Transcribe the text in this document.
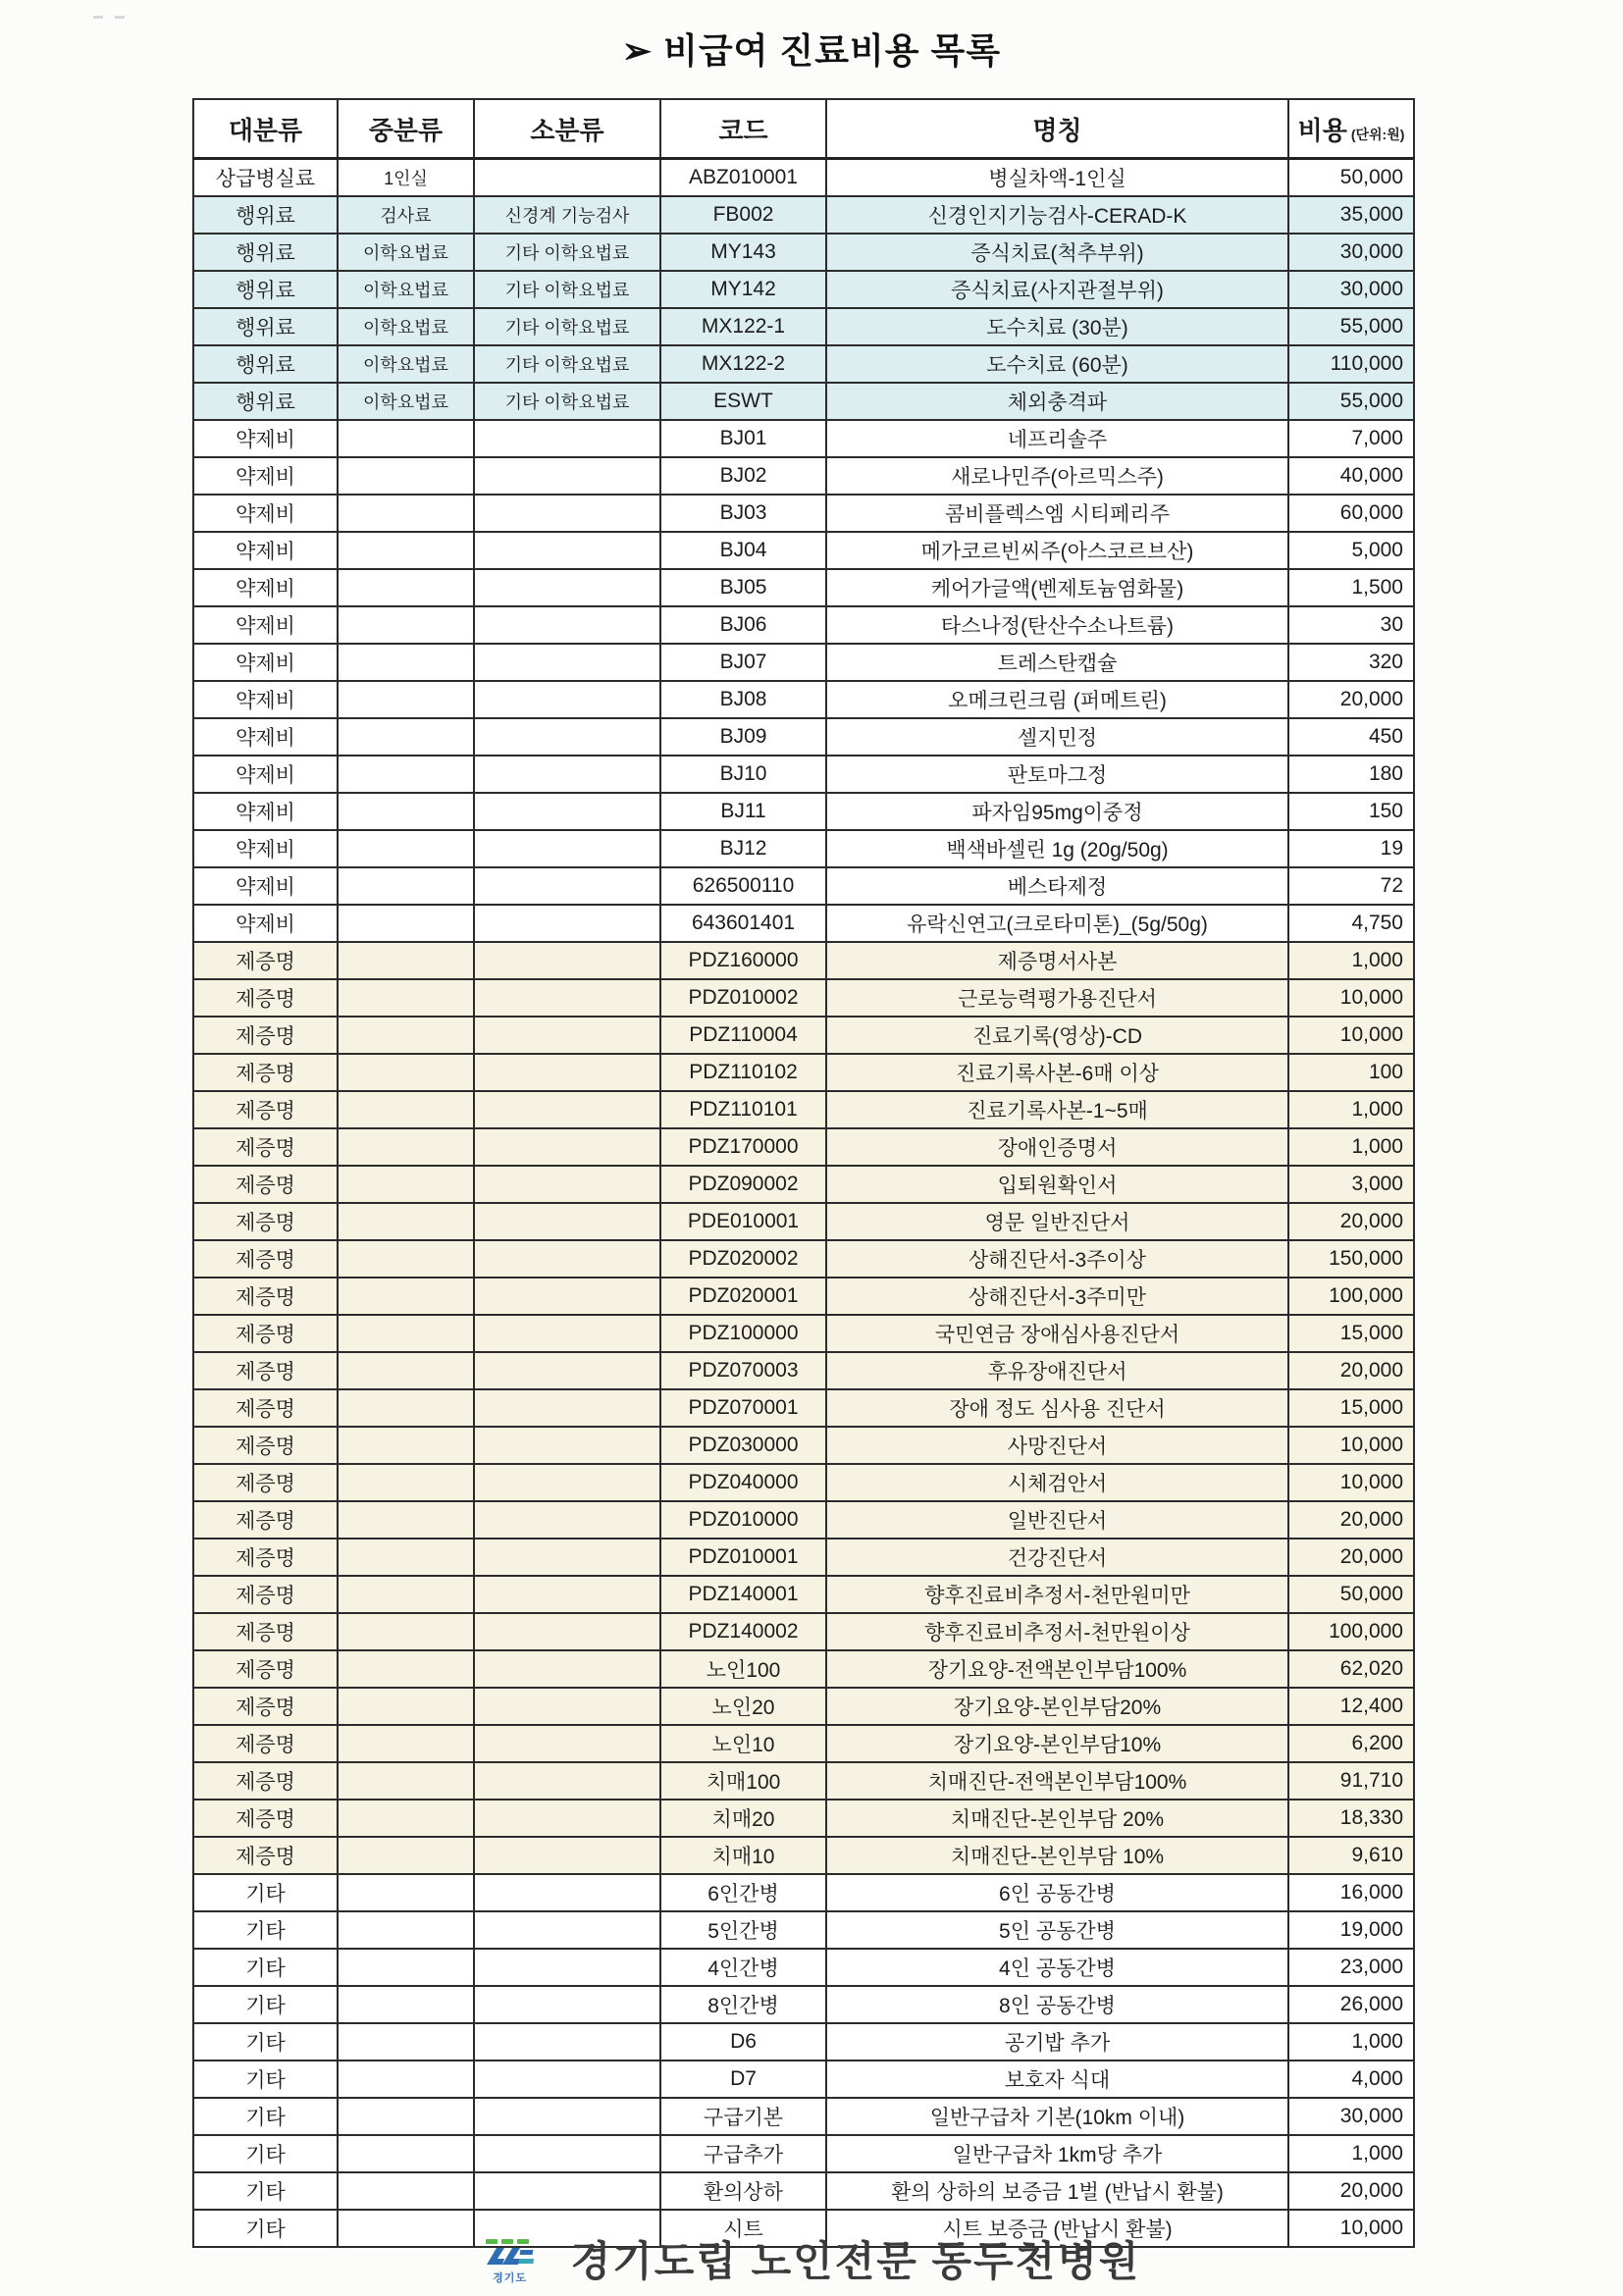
➢ 비급여 진료비용 목록
대분류	중분류	소분류	코드	명칭	비용 (단위:원)
상급병실료	1인실		ABZ010001	병실차액-1인실	50,000
행위료	검사료	신경계 기능검사	FB002	신경인지기능검사-CERAD-K	35,000
행위료	이학요법료	기타 이학요법료	MY143	증식치료(척추부위)	30,000
행위료	이학요법료	기타 이학요법료	MY142	증식치료(사지관절부위)	30,000
행위료	이학요법료	기타 이학요법료	MX122-1	도수치료 (30분)	55,000
행위료	이학요법료	기타 이학요법료	MX122-2	도수치료 (60분)	110,000
행위료	이학요법료	기타 이학요법료	ESWT	체외충격파	55,000
약제비			BJ01	네프리솔주	7,000
약제비			BJ02	새로나민주(아르믹스주)	40,000
약제비			BJ03	콤비플렉스엠 시티페리주	60,000
약제비			BJ04	메가코르빈씨주(아스코르브산)	5,000
약제비			BJ05	케어가글액(벤제토늄염화물)	1,500
약제비			BJ06	타스나정(탄산수소나트륨)	30
약제비			BJ07	트레스탄캡슐	320
약제비			BJ08	오메크린크림 (퍼메트린)	20,000
약제비			BJ09	셀지민정	450
약제비			BJ10	판토마그정	180
약제비			BJ11	파자임95mg이중정	150
약제비			BJ12	백색바셀린 1g (20g/50g)	19
약제비			626500110	베스타제정	72
약제비			643601401	유락신연고(크로타미톤)_(5g/50g)	4,750
제증명			PDZ160000	제증명서사본	1,000
제증명			PDZ010002	근로능력평가용진단서	10,000
제증명			PDZ110004	진료기록(영상)-CD	10,000
제증명			PDZ110102	진료기록사본-6매 이상	100
제증명			PDZ110101	진료기록사본-1~5매	1,000
제증명			PDZ170000	장애인증명서	1,000
제증명			PDZ090002	입퇴원확인서	3,000
제증명			PDE010001	영문 일반진단서	20,000
제증명			PDZ020002	상해진단서-3주이상	150,000
제증명			PDZ020001	상해진단서-3주미만	100,000
제증명			PDZ100000	국민연금 장애심사용진단서	15,000
제증명			PDZ070003	후유장애진단서	20,000
제증명			PDZ070001	장애 정도 심사용 진단서	15,000
제증명			PDZ030000	사망진단서	10,000
제증명			PDZ040000	시체검안서	10,000
제증명			PDZ010000	일반진단서	20,000
제증명			PDZ010001	건강진단서	20,000
제증명			PDZ140001	향후진료비추정서-천만원미만	50,000
제증명			PDZ140002	향후진료비추정서-천만원이상	100,000
제증명			노인100	장기요양-전액본인부담100%	62,020
제증명			노인20	장기요양-본인부담20%	12,400
제증명			노인10	장기요양-본인부담10%	6,200
제증명			치매100	치매진단-전액본인부담100%	91,710
제증명			치매20	치매진단-본인부담 20%	18,330
제증명			치매10	치매진단-본인부담 10%	9,610
기타			6인간병	6인 공동간병	16,000
기타			5인간병	5인 공동간병	19,000
기타			4인간병	4인 공동간병	23,000
기타			8인간병	8인 공동간병	26,000
기타			D6	공기밥 추가	1,000
기타			D7	보호자 식대	4,000
기타			구급기본	일반구급차 기본(10km 이내)	30,000
기타			구급추가	일반구급차 1km당 추가	1,000
기타			환의상하	환의 상하의 보증금 1벌 (반납시 환불)	20,000
기타			시트	시트 보증금 (반납시 환불)	10,000
경기도 경기도립 노인전문 동두천병원
